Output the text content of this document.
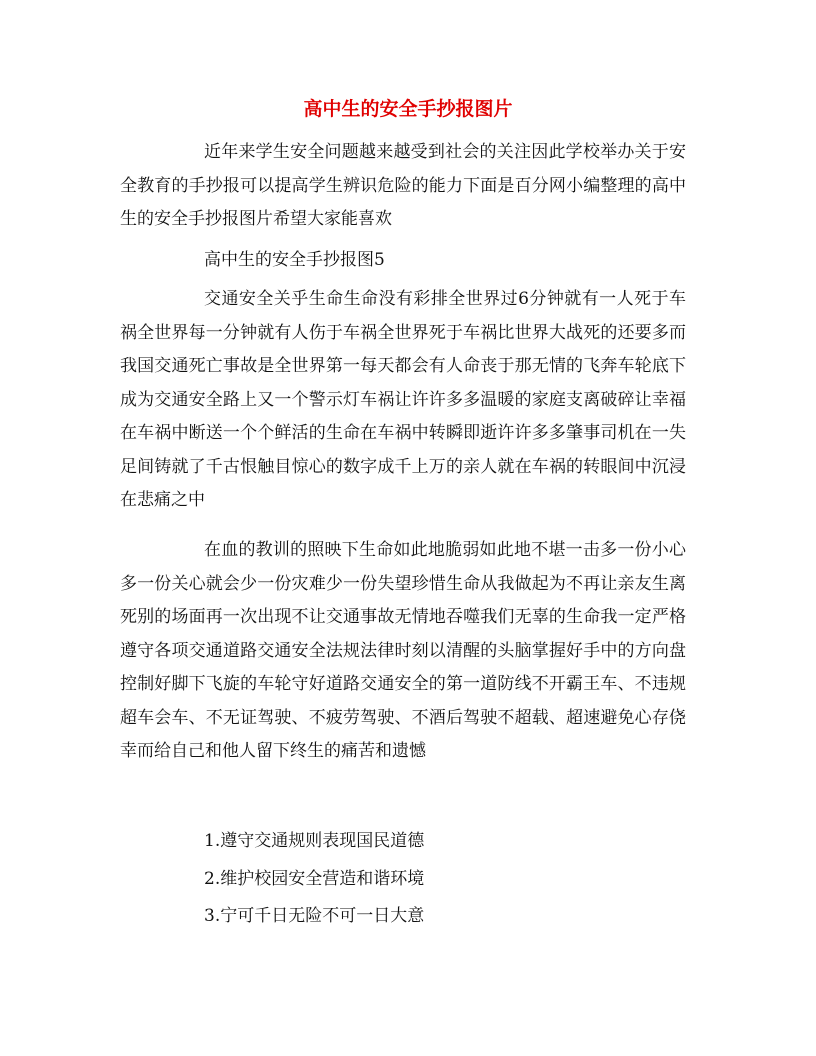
高中生的安全手抄报图片

近年来学生安全问题越来越受到社会的关注因此学校举办关于安全教育的手抄报可以提高学生辨识危险的能力下面是百分网小编整理的高中生的安全手抄报图片希望大家能喜欢

高中生的安全手抄报图5

交通安全关乎生命生命没有彩排全世界过6分钟就有一人死于车祸全世界每一分钟就有人伤于车祸全世界死于车祸比世界大战死的还要多而我国交通死亡事故是全世界第一每天都会有人命丧于那无情的飞奔车轮底下成为交通安全路上又一个警示灯车祸让许许多多温暖的家庭支离破碎让幸福在车祸中断送一个个鲜活的生命在车祸中转瞬即逝许许多多肇事司机在一失足间铸就了千古恨触目惊心的数字成千上万的亲人就在车祸的转眼间中沉浸在悲痛之中

在血的教训的照映下生命如此地脆弱如此地不堪一击多一份小心多一份关心就会少一份灾难少一份失望珍惜生命从我做起为不再让亲友生离死别的场面再一次出现不让交通事故无情地吞噬我们无辜的生命我一定严格遵守各项交通道路交通安全法规法律时刻以清醒的头脑掌握好手中的方向盘控制好脚下飞旋的车轮守好道路交通安全的第一道防线不开霸王车、不违规超车会车、不无证驾驶、不疲劳驾驶、不酒后驾驶不超载、超速避免心存侥幸而给自己和他人留下终生的痛苦和遗憾

1.遵守交通规则表现国民道德

2.维护校园安全营造和谐环境

3.宁可千日无险不可一日大意
